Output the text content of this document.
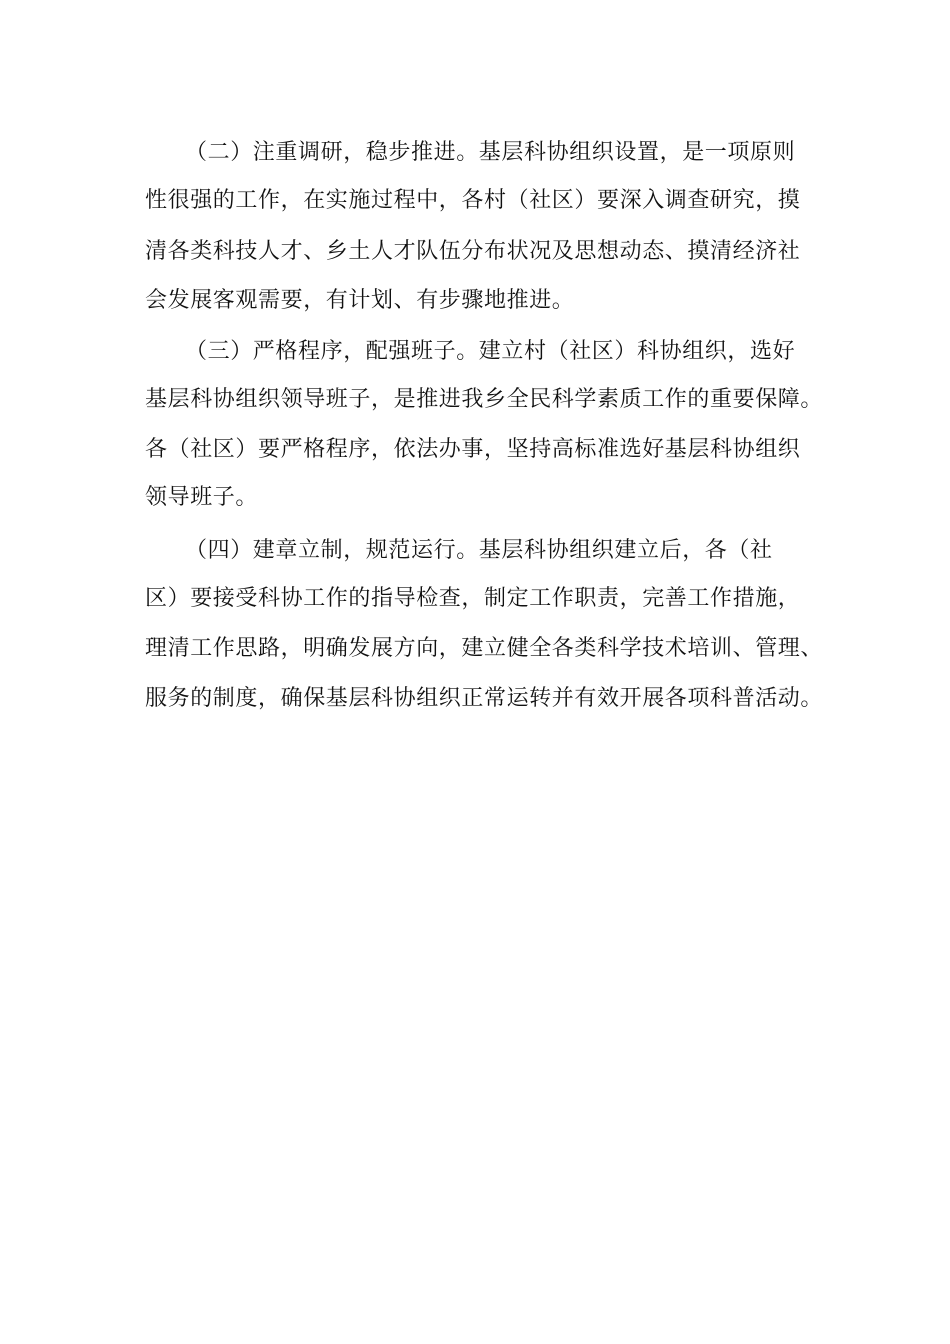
（二）注重调研，稳步推进。基层科协组织设置，是一项原则
性很强的工作，在实施过程中，各村（社区）要深入调查研究，摸
清各类科技人才、乡土人才队伍分布状况及思想动态、摸清经济社
会发展客观需要，有计划、有步骤地推进。
（三）严格程序，配强班子。建立村（社区）科协组织，选好
基层科协组织领导班子，是推进我乡全民科学素质工作的重要保障。
各（社区）要严格程序，依法办事，坚持高标准选好基层科协组织
领导班子。
（四）建章立制，规范运行。基层科协组织建立后，各（社
区）要接受科协工作的指导检查，制定工作职责，完善工作措施，
理清工作思路，明确发展方向，建立健全各类科学技术培训、管理、
服务的制度，确保基层科协组织正常运转并有效开展各项科普活动。
